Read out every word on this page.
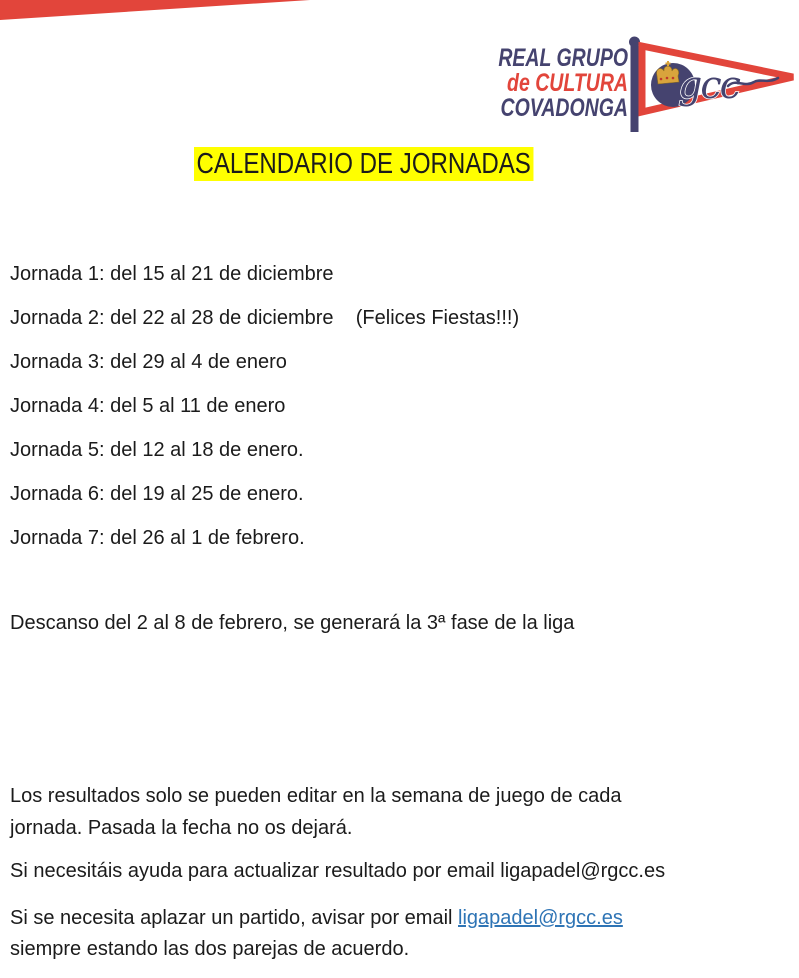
REAL GRUPO
de CULTURA
COVADONGA
gcc
CALENDARIO DE JORNADAS

Jornada 1: del 15 al 21 de diciembre

Jornada 2: del 22 al 28 de diciembre    (Felices Fiestas!!!)

Jornada 3: del 29 al 4 de enero

Jornada 4: del 5 al 11 de enero

Jornada 5: del 12 al 18 de enero.

Jornada 6: del 19 al 25 de enero.

Jornada 7: del 26 al 1 de febrero.

Descanso del 2 al 8 de febrero, se generará la 3ª fase de la liga

Los resultados solo se pueden editar en la semana de juego de cada
jornada. Pasada la fecha no os dejará.

Si necesitáis ayuda para actualizar resultado por email ligapadel@rgcc.es

Si se necesita aplazar un partido, avisar por email ligapadel@rgcc.es
siempre estando las dos parejas de acuerdo.
